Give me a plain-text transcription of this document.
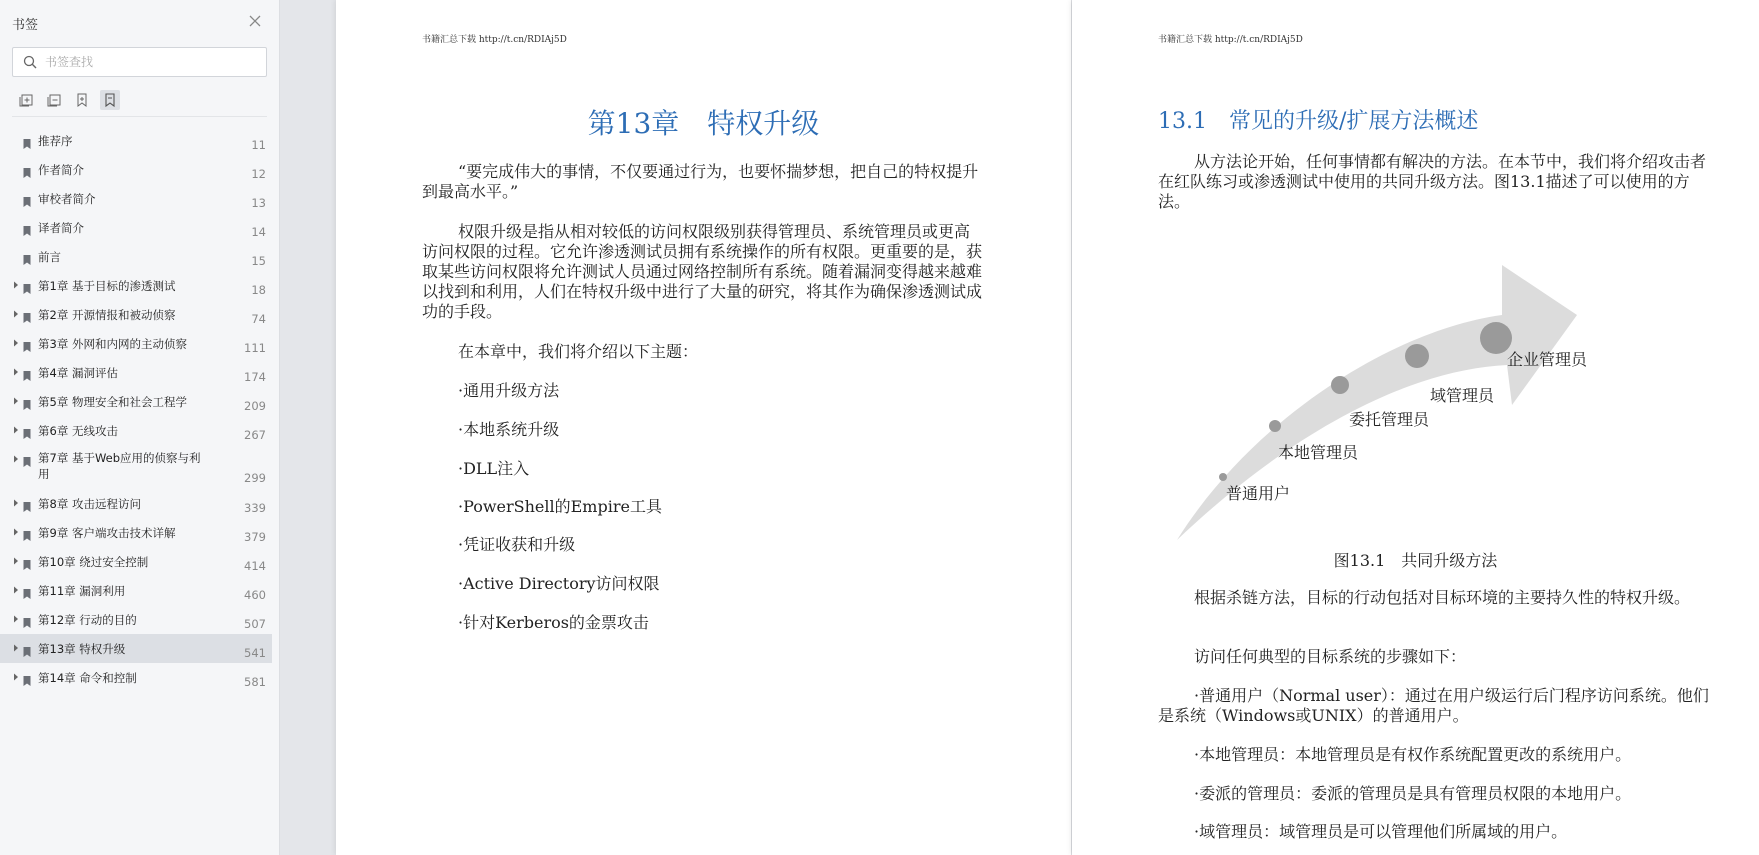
书签
书签查找
推荐序	11
作者简介	12
审校者简介	13
译者简介	14
前言	15
第1章 基于目标的渗透测试	18
第2章 开源情报和被动侦察	74
第3章 外网和内网的主动侦察	111
第4章 漏洞评估	174
第5章 物理安全和社会工程学	209
第6章 无线攻击	267
第7章 基于Web应用的侦察与利用	299
第8章 攻击远程访问	339
第9章 客户端攻击技术详解	379
第10章 绕过安全控制	414
第11章 漏洞利用	460
第12章 行动的目的	507
第13章 特权升级	541
第14章 命令和控制	581
书籍汇总下载 http://t.cn/RDIAj5D
第13章　特权升级
“要完成伟大的事情，不仅要通过行为，也要怀揣梦想，把自己的特权提升到最高水平。”
权限升级是指从相对较低的访问权限级别获得管理员、系统管理员或更高访问权限的过程。它允许渗透测试员拥有系统操作的所有权限。更重要的是，获取某些访问权限将允许测试人员通过网络控制所有系统。随着漏洞变得越来越难以找到和利用，人们在特权升级中进行了大量的研究，将其作为确保渗透测试成功的手段。
在本章中，我们将介绍以下主题：
·通用升级方法
·本地系统升级
·DLL注入
·PowerShell的Empire工具
·凭证收获和升级
·Active Directory访问权限
·针对Kerberos的金票攻击
书籍汇总下载 http://t.cn/RDIAj5D
13.1　常见的升级/扩展方法概述
从方法论开始，任何事情都有解决的方法。在本节中，我们将介绍攻击者在红队练习或渗透测试中使用的共同升级方法。图13.1描述了可以使用的方法。
普通用户
本地管理员
委托管理员
域管理员
企业管理员
图13.1　共同升级方法
根据杀链方法，目标的行动包括对目标环境的主要持久性的特权升级。
访问任何典型的目标系统的步骤如下：
·普通用户（Normal user）：通过在用户级运行后门程序访问系统。他们是系统（Windows或UNIX）的普通用户。
·本地管理员：本地管理员是有权作系统配置更改的系统用户。
·委派的管理员：委派的管理员是具有管理员权限的本地用户。
·域管理员：域管理员是可以管理他们所属域的用户。
